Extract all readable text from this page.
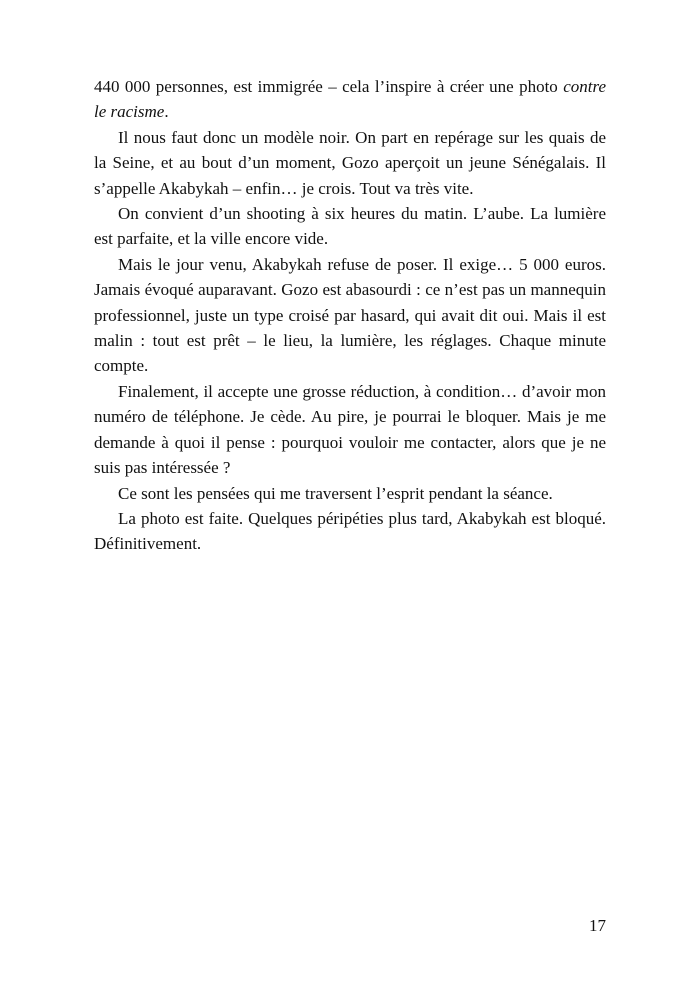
440 000 personnes, est immigrée – cela l’inspire à créer une photo contre le racisme.

Il nous faut donc un modèle noir. On part en repérage sur les quais de la Seine, et au bout d’un moment, Gozo aperçoit un jeune Sénégalais. Il s’appelle Akabykah – enfin… je crois. Tout va très vite.

On convient d’un shooting à six heures du matin. L’aube. La lumière est parfaite, et la ville encore vide.

Mais le jour venu, Akabykah refuse de poser. Il exige… 5 000 euros. Jamais évoqué auparavant. Gozo est abasourdi : ce n’est pas un mannequin professionnel, juste un type croisé par hasard, qui avait dit oui. Mais il est malin : tout est prêt – le lieu, la lumière, les réglages. Chaque minute compte.

Finalement, il accepte une grosse réduction, à condition… d’avoir mon numéro de téléphone. Je cède. Au pire, je pourrai le bloquer. Mais je me demande à quoi il pense : pourquoi vouloir me contacter, alors que je ne suis pas intéressée ?

Ce sont les pensées qui me traversent l’esprit pendant la séance.

La photo est faite. Quelques péripéties plus tard, Akabykah est bloqué. Définitivement.

17
